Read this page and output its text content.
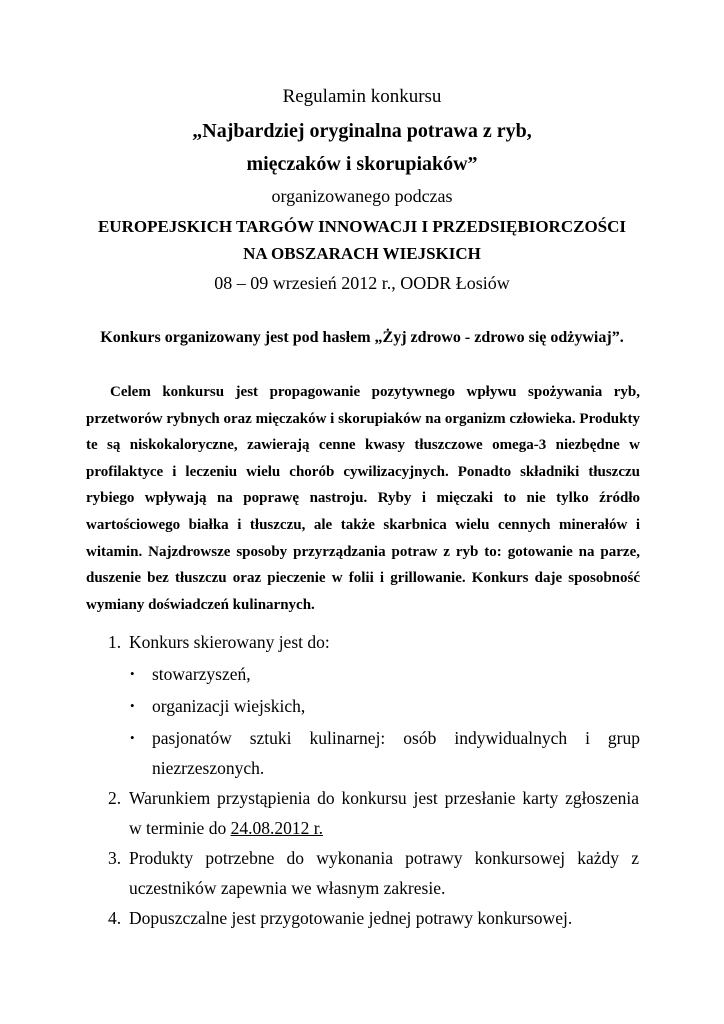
Regulamin konkursu
„Najbardziej oryginalna potrawa z ryb,
mięczaków i skorupiaków”
organizowanego podczas
EUROPEJSKICH TARGÓW INNOWACJI I PRZEDSIĘBIORCZOŚCI
NA OBSZARACH WIEJSKICH
08 – 09 wrzesień 2012 r., OODR Łosiów
Konkurs organizowany jest pod hasłem „Żyj zdrowo - zdrowo się odżywiaj”.
Celem konkursu jest propagowanie pozytywnego wpływu spożywania ryb, przetworów rybnych oraz mięczaków i skorupiaków na organizm człowieka. Produkty te są niskokaloryczne, zawierają cenne kwasy tłuszczowe omega-3 niezbędne w profilaktyce i leczeniu wielu chorób cywilizacyjnych. Ponadto składniki tłuszczu rybiego wpływają na poprawę nastroju. Ryby i mięczaki to nie tylko źródło wartościowego białka i tłuszczu, ale także skarbnica wielu cennych minerałów i witamin. Najzdrowsze sposoby przyrządzania potraw z ryb to: gotowanie na parze, duszenie bez tłuszczu oraz pieczenie w folii i grillowanie. Konkurs daje sposobność wymiany doświadczeń kulinarnych.
1. Konkurs skierowany jest do:
• stowarzyszeń,
• organizacji wiejskich,
• pasjonatów sztuki kulinarnej: osób indywidualnych i grup
niezrzeszonych.
2. Warunkiem przystąpienia do konkursu jest przesłanie karty zgłoszenia
w terminie do 24.08.2012 r.
3. Produkty potrzebne do wykonania potrawy konkursowej każdy z
uczestników zapewnia we własnym zakresie.
4. Dopuszczalne jest przygotowanie jednej potrawy konkursowej.
